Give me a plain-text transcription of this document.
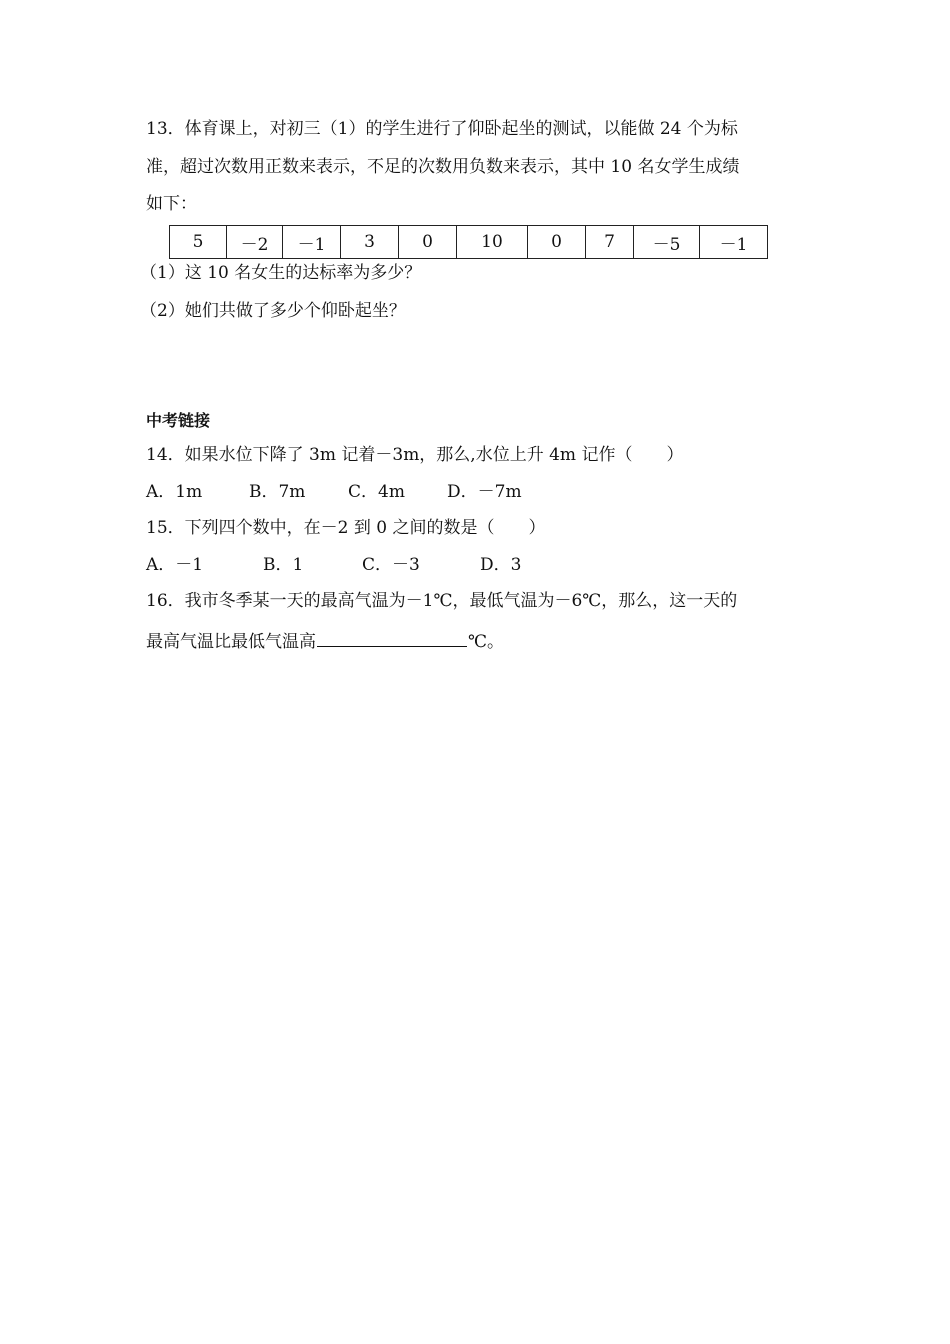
13．体育课上，对初三（1）的学生进行了仰卧起坐的测试，以能做 24 个为标
准，超过次数用正数来表示，不足的次数用负数来表示，其中 10 名女学生成绩
如下：
5	－2	－1	3	0	10	0	7	－5	－1
（1）这 10 名女生的达标率为多少？
（2）她们共做了多少个仰卧起坐？
中考链接
14．如果水位下降了 3m 记着－3m，那么,水位上升 4m 记作（　　）
A．1m	B．7m	C．4m D．－7m
15．下列四个数中，在－2 到 0 之间的数是（　　）
A．－1	B．1	C．－3	D．3
16．我市冬季某一天的最高气温为－1℃，最低气温为－6℃，那么，这一天的
最高气温比最低气温高	℃。
